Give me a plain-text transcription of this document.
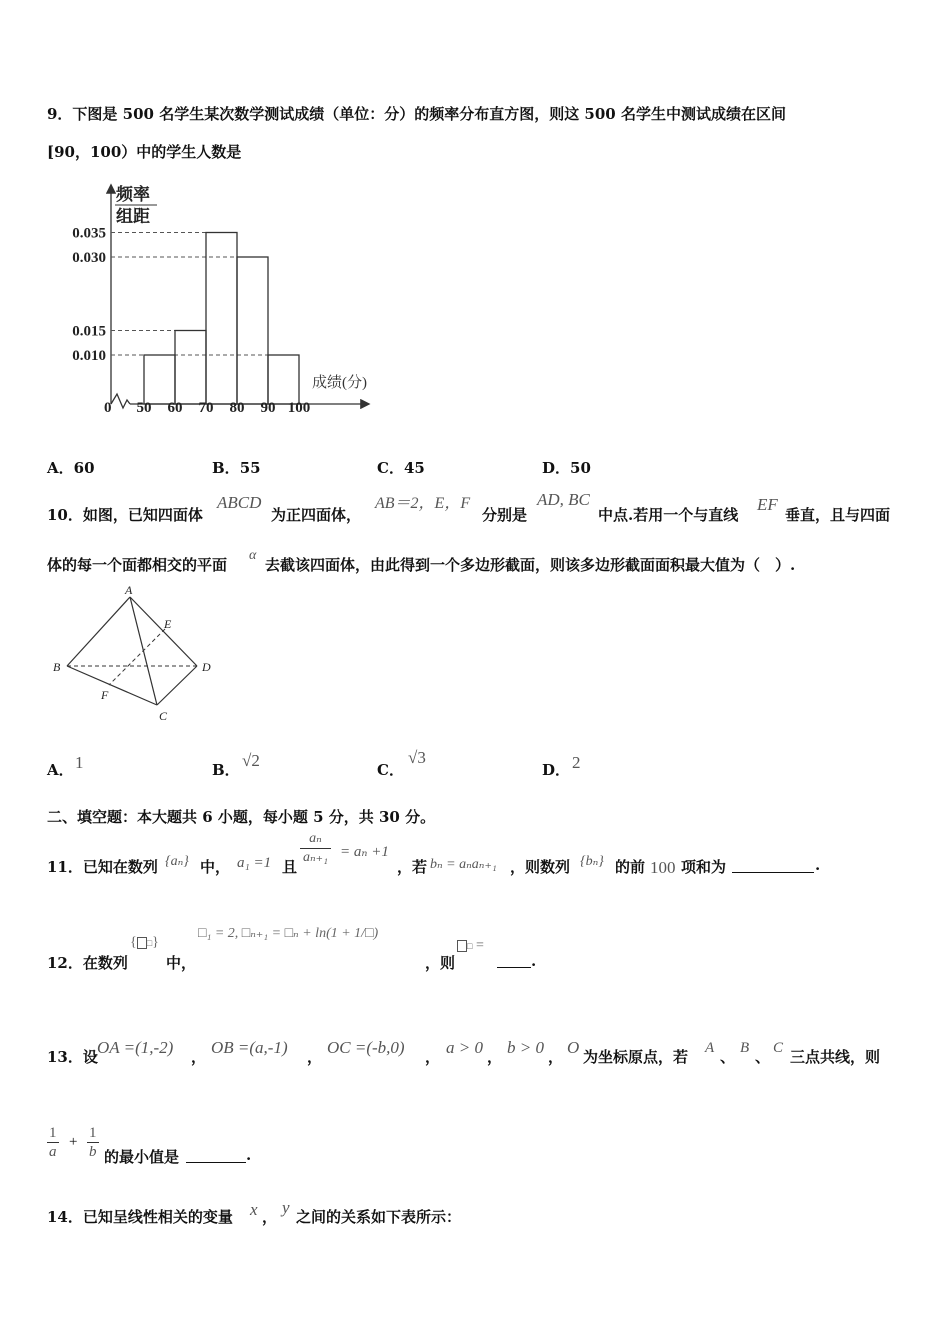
9．下图是 500 名学生某次数学测试成绩（单位：分）的频率分布直方图，则这 500 名学生中测试成绩在区间
[90，100）中的学生人数是
0.035
0.030
0.015
0.010
50 60 70 80 90 100
频率
组距
成绩(分)
0
A．60	B．55	C．45	D．50
10．如图，已知四面体
ABCD
为正四面体，
AB＝2，E，F
分别是
AD, BC
中点.若用一个与直线
EF
垂直，且与四面
体的每一个面都相交的平面
α
去截该四面体，由此得到一个多边形截面，则该多边形截面面积最大值为（　）.
A
B
C
D
E
F
A． 1	B． √2	C．
√3
D． 2
二、填空题：本大题共 6 小题，每小题 5 分，共 30 分。
11．已知在数列 {aₙ} 中， a₁ =1 且 $\frac{\text{aₙ}}{\text{aₙ₊₁}} = a_n +1$
，若 bₙ = aₙaₙ₊₁ ，则数列 {bₙ} 的前 100 项和为	.
12．在数列
{ □}
中，
□₁ = 2, □ₙ₊₁ = □ₙ + ln(1 + 1/□)
，则
□ =
.
13．设 OA =(1,-2) ， OB =(a,-1) ， OC =(-b,0) ， a > 0 ， b > 0 ， O 为坐标原点，若 A 、 B 、 C 三点共线，则
$\frac{1}{a} + \frac{1}{b}$ 的最小值是	.
14．已知呈线性相关的变量 x ， y 之间的关系如下表所示：
